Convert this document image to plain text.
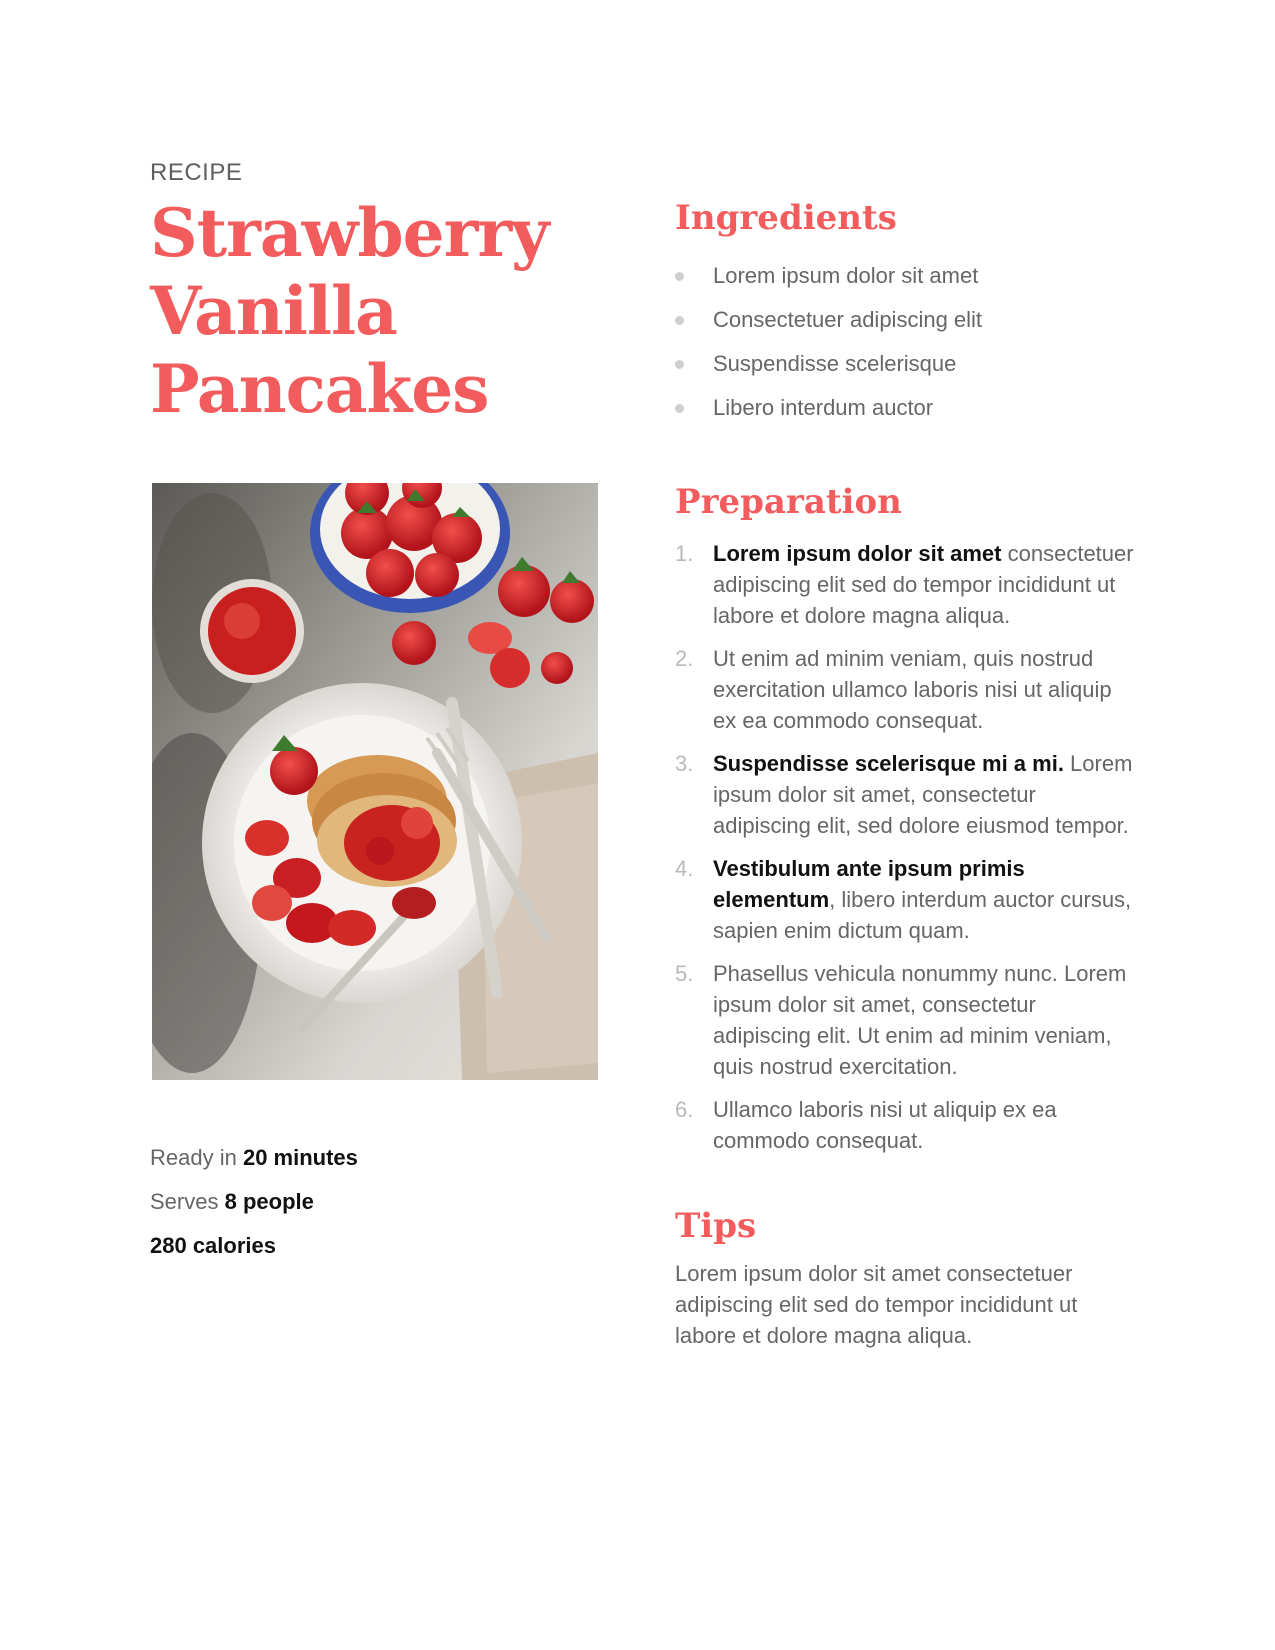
RECIPE

Strawberry
Vanilla
Pancakes
Ready in 20 minutes
Serves 8 people
280 calories
Ingredients
Lorem ipsum dolor sit amet
Consectetuer adipiscing elit
Suspendisse scelerisque
Libero interdum auctor
Preparation
1. Lorem ipsum dolor sit amet consectetuer adipiscing elit sed do tempor incididunt ut labore et dolore magna aliqua.
2. Ut enim ad minim veniam, quis nostrud exercitation ullamco laboris nisi ut aliquip ex ea commodo consequat.
3. Suspendisse scelerisque mi a mi. Lorem ipsum dolor sit amet, consectetur adipiscing elit, sed dolore eiusmod tempor.
4. Vestibulum ante ipsum primis elementum, libero interdum auctor cursus, sapien enim dictum quam.
5. Phasellus vehicula nonummy nunc. Lorem ipsum dolor sit amet, consectetur adipiscing elit. Ut enim ad minim veniam, quis nostrud exercitation.
6. Ullamco laboris nisi ut aliquip ex ea commodo consequat.
Tips

Lorem ipsum dolor sit amet consectetuer adipiscing elit sed do tempor incididunt ut labore et dolore magna aliqua.
